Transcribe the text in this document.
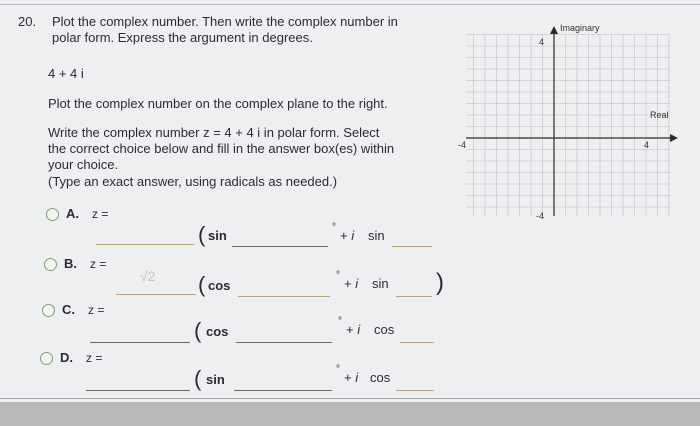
20. Plot the complex number. Then write the complex number in
polar form. Express the argument in degrees.
4 + 4 i
Plot the complex number on the complex plane to the right.
Write the complex number z = 4 + 4 i in polar form. Select
the correct choice below and fill in the answer box(es) within
your choice.
(Type an exact answer, using radicals as needed.)
A. z =
( sin
°
+ i sin
B. z =
√2 ( cos
°
+ i sin )
C. z =
( cos
°
+ i cos
D. z =
( sin
°
+ i cos
Imaginary
Real
4
-4
4
-4
